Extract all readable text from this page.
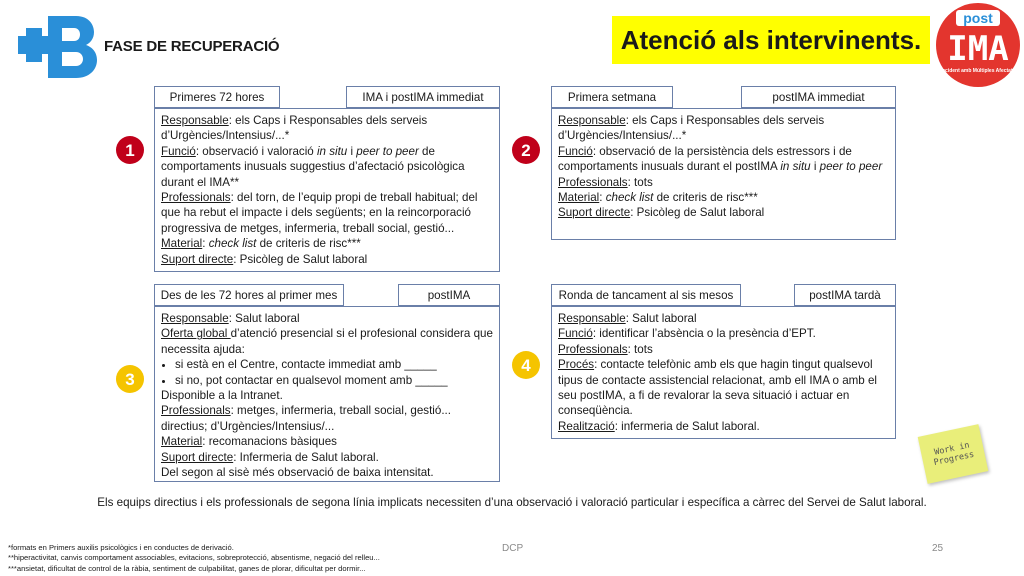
FASE DE RECUPERACIÓ	Atenció als intervinents.
post
IMA
Incident amb Múltiples Afectats
Primeres 72 hores	IMA i postIMA immediat
Responsable: els Caps i Responsables dels serveis d’Urgències/Intensius/...*
Funció: observació i valoració in situ i peer to peer de comportaments inusuals suggestius d’afectació psicològica durant el IMA**
Professionals: del torn, de l’equip propi de treball habitual; del que ha rebut el impacte i dels següents; en la reincorporació progressiva de metges, infermeria, treball social, gestió...
Material: check list de criteris de risc***
Suport directe: Psicòleg de Salut laboral
1
Primera setmana	postIMA immediat
Responsable: els Caps i Responsables dels serveis d’Urgències/Intensius/...*
Funció: observació de la persistència dels estressors i de comportaments inusuals durant el postIMA in situ i peer to peer
Professionals: tots
Material: check list de criteris de risc***
Suport directe: Psicòleg de Salut laboral
2
Des de les 72 hores al primer mes	postIMA
Responsable: Salut laboral
Oferta global d’atenció presencial si el profesional considera que necessita ajuda:
• si està en el Centre, contacte immediat amb _____
• si no, pot contactar en qualsevol moment amb _____
Disponible a la Intranet.
Professionals: metges, infermeria, treball social, gestió... directius; d’Urgències/Intensius/...
Material: recomanacions bàsiques
Suport directe: Infermeria de Salut laboral.
Del segon al sisè més observació de baixa intensitat.
3
Ronda de tancament al sis mesos	postIMA tardà
Responsable: Salut laboral
Funció: identificar l’absència o la presència d’EPT.
Professionals: tots
Procés: contacte telefònic amb els que hagin tingut qualsevol tipus de contacte assistencial relacionat, amb ell IMA o amb el seu postIMA, a fi de revalorar la seva situació i actuar en conseqüència.
Realització: infermeria de Salut laboral.
4
Work in Progress
Els equips directius i els professionals de segona línia implicats necessiten d’una observació i valoració particular i específica a càrrec del Servei de Salut laboral.
*formats en Primers auxilis psicològics i en conductes de derivació.
**hiperactivitat, canvis comportament associables, evitacions, sobreprotecció, absentisme, negació del relleu...
***ansietat, dificultat de control de la ràbia, sentiment de culpabilitat, ganes de plorar, dificultat per dormir...
DCP	25
